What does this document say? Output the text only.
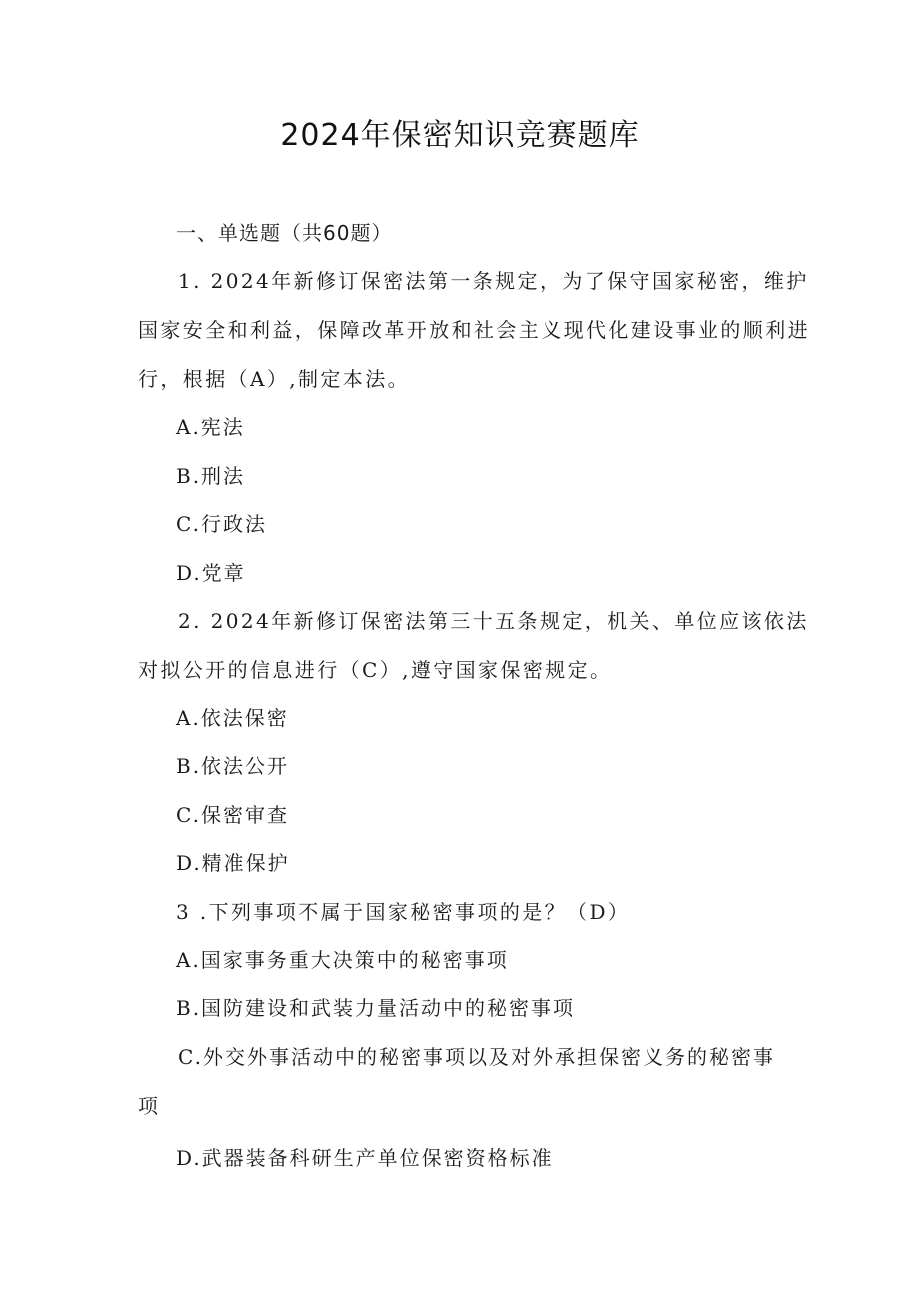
2024年保密知识竞赛题库
一、单选题（共60题）
1. 2024年新修订保密法第一条规定，为了保守国家秘密，维护
国家安全和利益，保障改革开放和社会主义现代化建设事业的顺利进
行，根据（A）,制定本法。
A.宪法
B.刑法
C.行政法
D.党章
2. 2024年新修订保密法第三十五条规定，机关、单位应该依法
对拟公开的信息进行（C）,遵守国家保密规定。
A.依法保密
B.依法公开
C.保密审查
D.精准保护
3 .下列事项不属于国家秘密事项的是？（D）
A.国家事务重大决策中的秘密事项
B.国防建设和武装力量活动中的秘密事项
C.外交外事活动中的秘密事项以及对外承担保密义务的秘密事
项
D.武器装备科研生产单位保密资格标准
